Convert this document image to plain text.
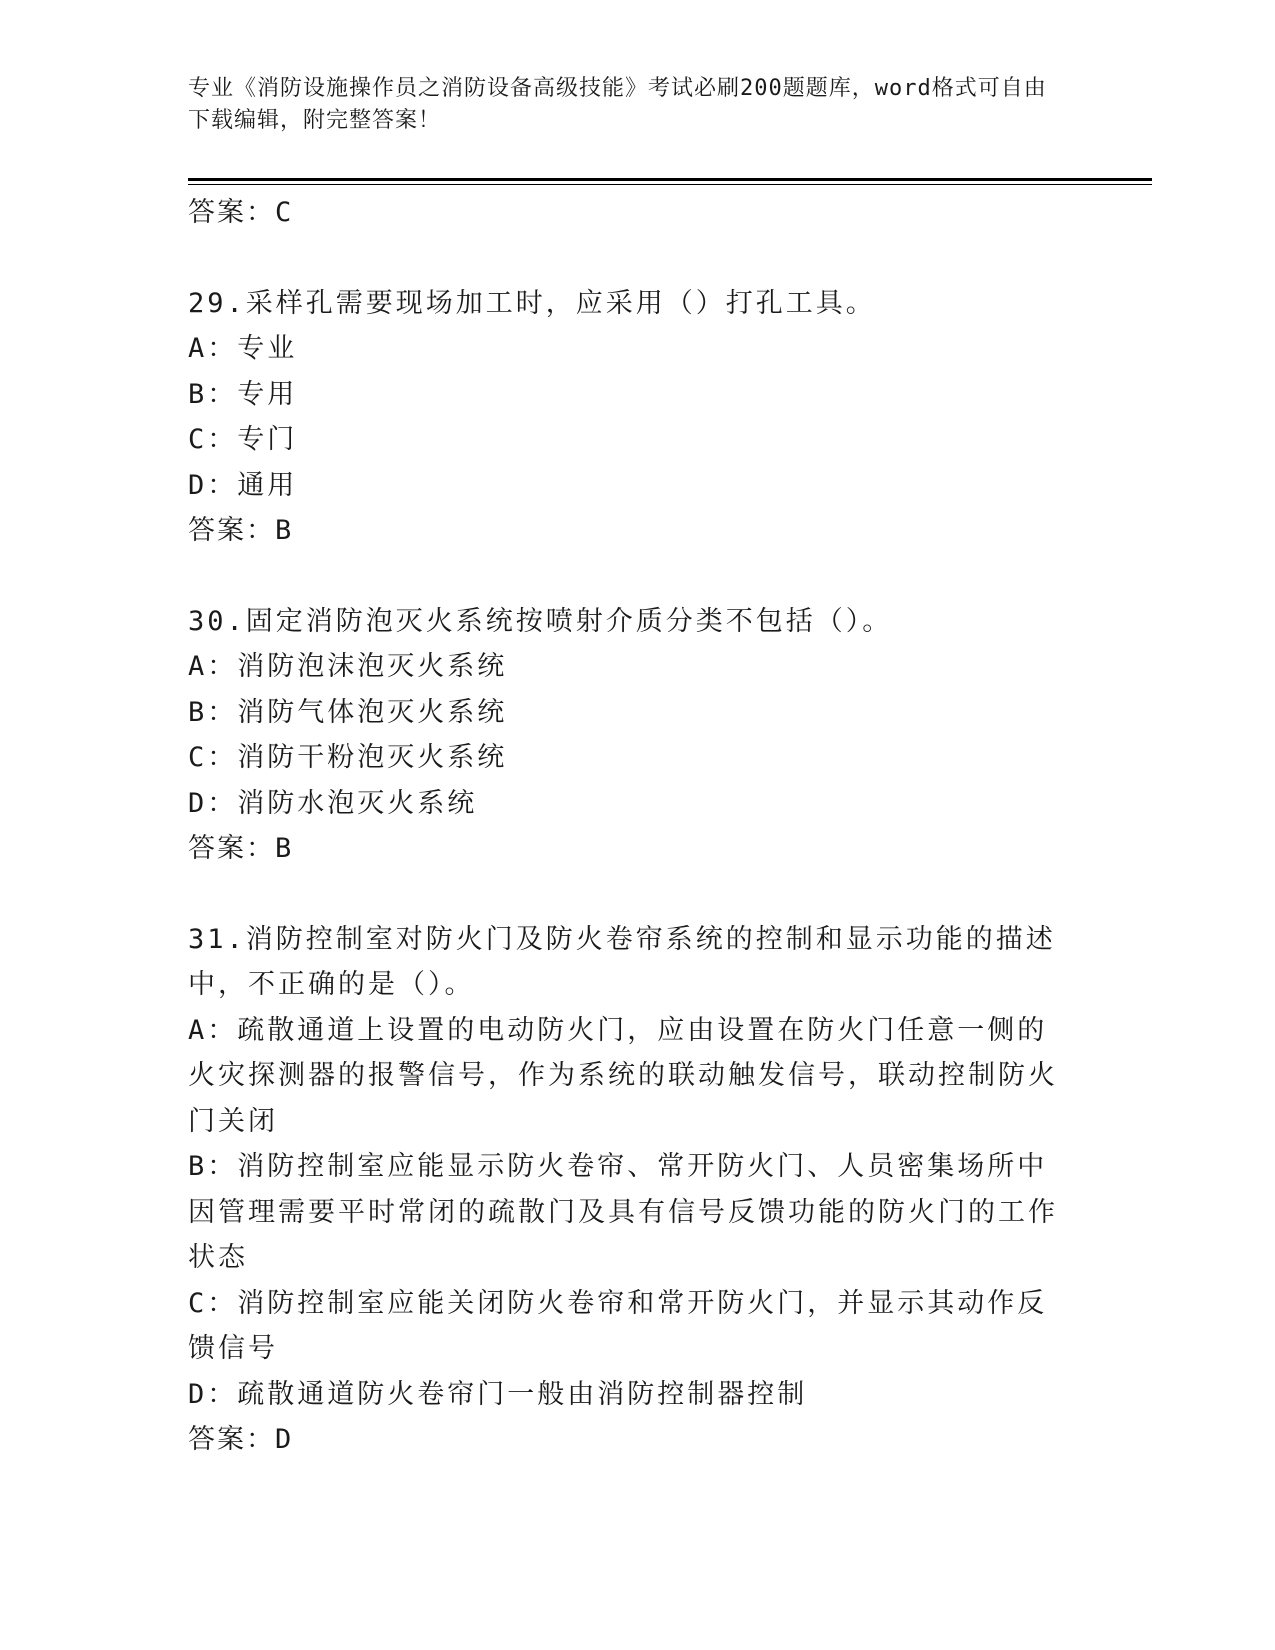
专业《消防设施操作员之消防设备高级技能》考试必刷200题题库，word格式可自由下载编辑，附完整答案！
答案：C
29.采样孔需要现场加工时，应采用（）打孔工具。
A：专业
B：专用
C：专门
D：通用
答案：B
30.固定消防泡灭火系统按喷射介质分类不包括（）。
A：消防泡沫泡灭火系统
B：消防气体泡灭火系统
C：消防干粉泡灭火系统
D：消防水泡灭火系统
答案：B
31.消防控制室对防火门及防火卷帘系统的控制和显示功能的描述中，不正确的是（）。
A：疏散通道上设置的电动防火门，应由设置在防火门任意一侧的火灾探测器的报警信号，作为系统的联动触发信号，联动控制防火门关闭
B：消防控制室应能显示防火卷帘、常开防火门、人员密集场所中因管理需要平时常闭的疏散门及具有信号反馈功能的防火门的工作状态
C：消防控制室应能关闭防火卷帘和常开防火门，并显示其动作反馈信号
D：疏散通道防火卷帘门一般由消防控制器控制
答案：D
